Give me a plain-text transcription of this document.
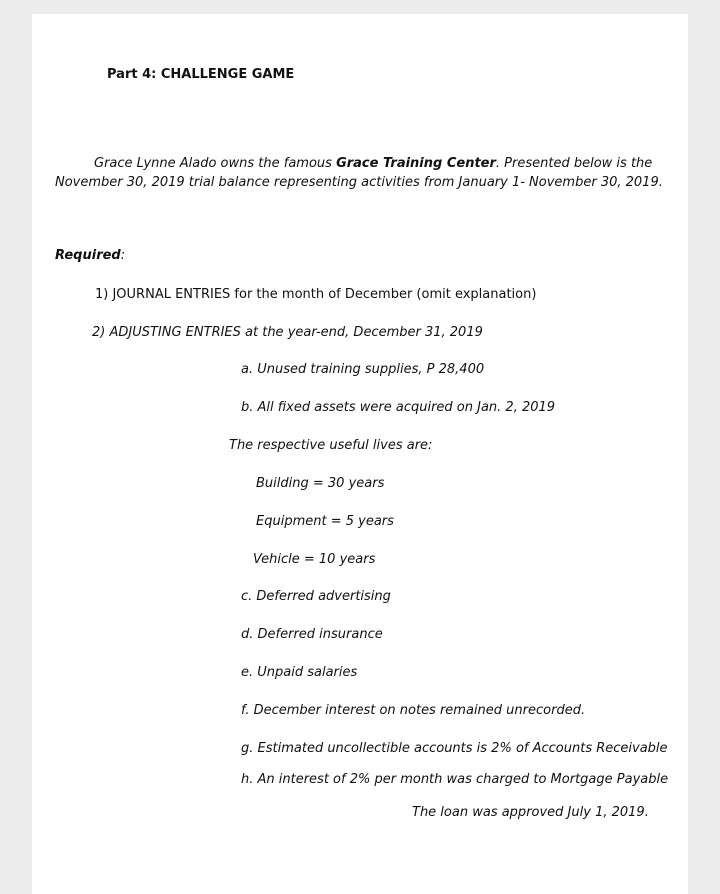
Part 4: CHALLENGE GAME
Grace Lynne Alado owns the famous Grace Training Center. Presented below is the
November 30, 2019 trial balance representing activities from January 1- November 30, 2019.
Required:
1) JOURNAL ENTRIES for the month of December (omit explanation)
2) ADJUSTING ENTRIES at the year-end, December 31, 2019
a. Unused training supplies, P 28,400
b. All fixed assets were acquired on Jan. 2, 2019
The respective useful lives are:
Building = 30 years
Equipment = 5 years
Vehicle = 10 years
c. Deferred advertising
d. Deferred insurance
e. Unpaid salaries
f. December interest on notes remained unrecorded.
g. Estimated uncollectible accounts is 2% of Accounts Receivable
h. An interest of 2% per month was charged to Mortgage Payable
The loan was approved July 1, 2019.
